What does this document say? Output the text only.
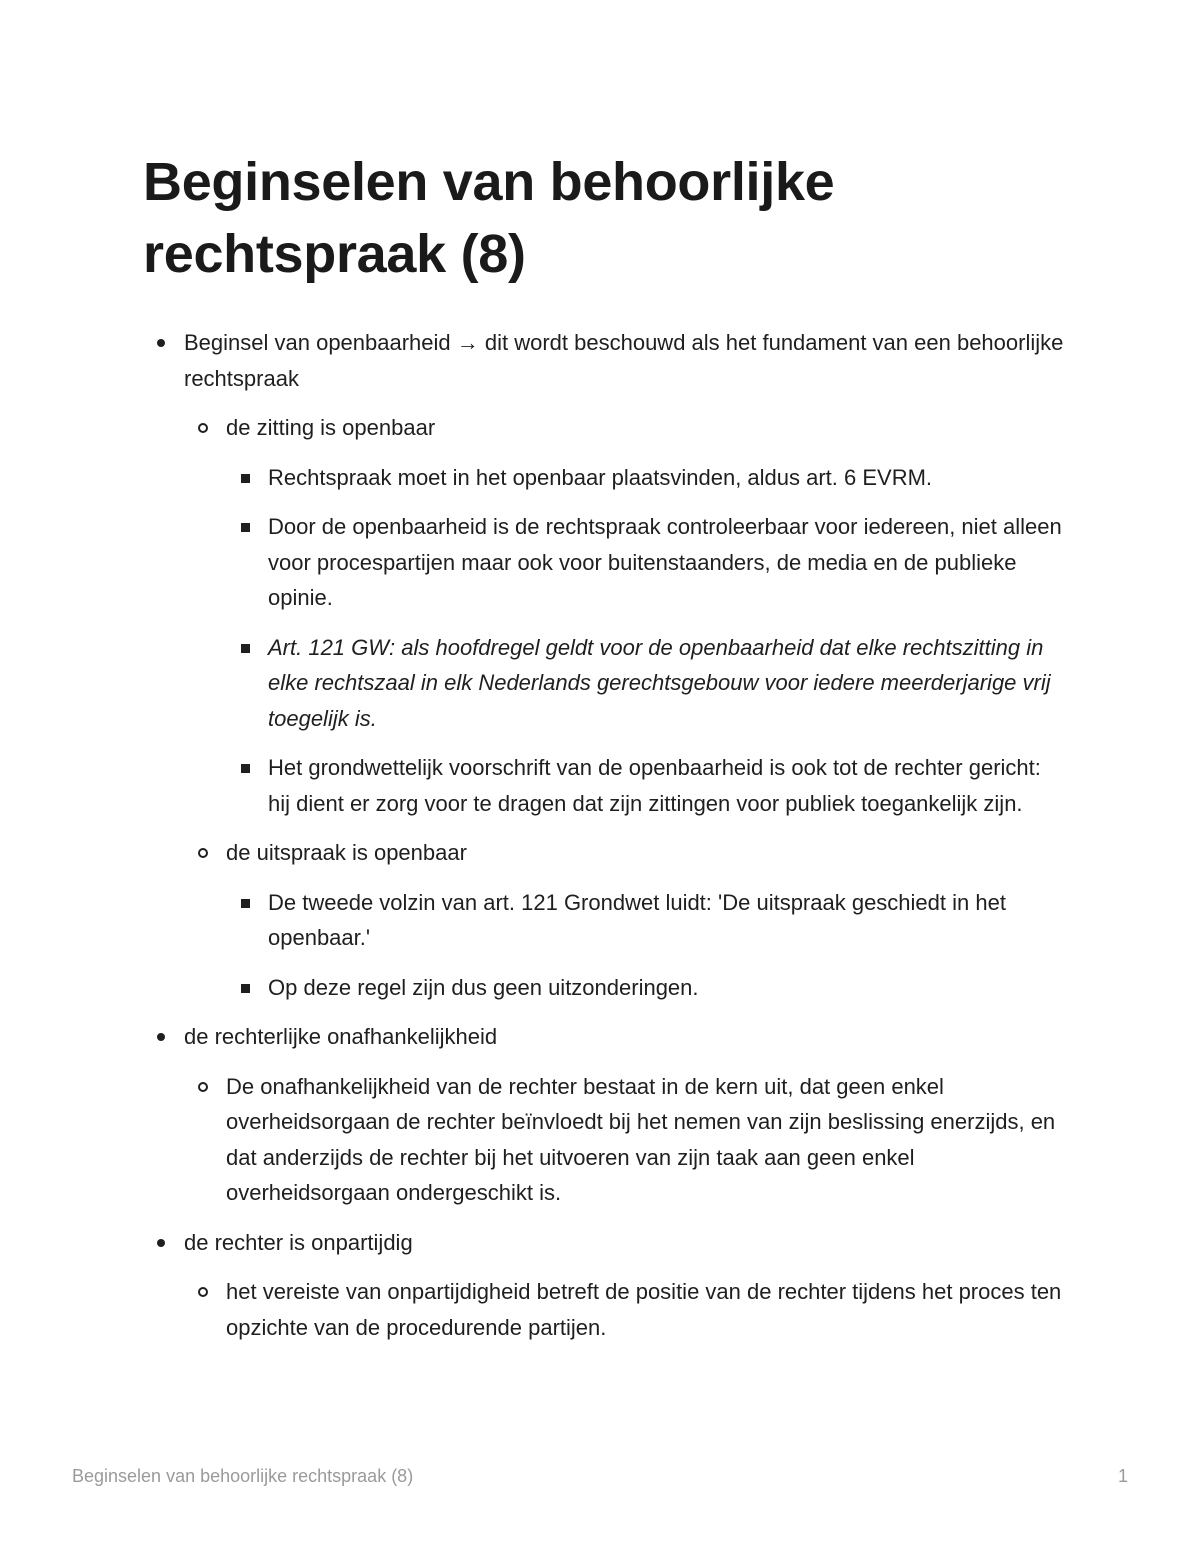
Beginselen van behoorlijke rechtspraak (8)
Beginsel van openbaarheid → dit wordt beschouwd als het fundament van een behoorlijke rechtspraak
de zitting is openbaar
Rechtspraak moet in het openbaar plaatsvinden, aldus art. 6 EVRM.
Door de openbaarheid is de rechtspraak controleerbaar voor iedereen, niet alleen voor procespartijen maar ook voor buitenstaanders, de media en de publieke opinie.
Art. 121 GW: als hoofdregel geldt voor de openbaarheid dat elke rechtszitting in elke rechtszaal in elk Nederlands gerechtsgebouw voor iedere meerderjarige vrij toegelijk is.
Het grondwettelijk voorschrift van de openbaarheid is ook tot de rechter gericht: hij dient er zorg voor te dragen dat zijn zittingen voor publiek toegankelijk zijn.
de uitspraak is openbaar
De tweede volzin van art. 121 Grondwet luidt: 'De uitspraak geschiedt in het openbaar.'
Op deze regel zijn dus geen uitzonderingen.
de rechterlijke onafhankelijkheid
De onafhankelijkheid van de rechter bestaat in de kern uit, dat geen enkel overheidsorgaan de rechter beïnvloedt bij het nemen van zijn beslissing enerzijds, en dat anderzijds de rechter bij het uitvoeren van zijn taak aan geen enkel overheidsorgaan ondergeschikt is.
de rechter is onpartijdig
het vereiste van onpartijdigheid betreft de positie van de rechter tijdens het proces ten opzichte van de procedurende partijen.
Beginselen van behoorlijke rechtspraak (8)	1
